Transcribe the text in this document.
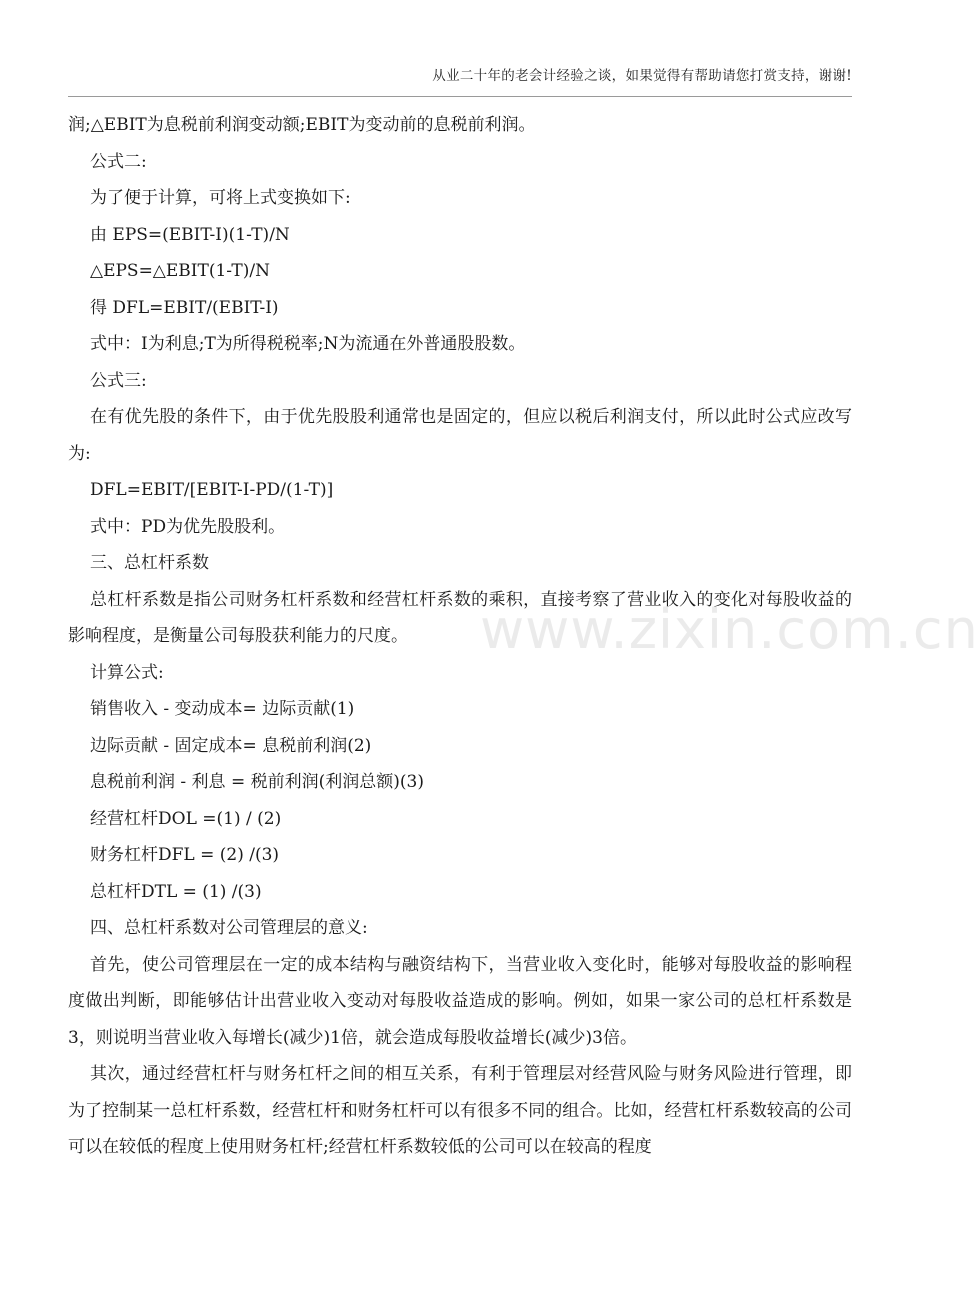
从业二十年的老会计经验之谈，如果觉得有帮助请您打赏支持，谢谢!
www.zixin.com.cn
润;△EBIT为息税前利润变动额;EBIT为变动前的息税前利润。
公式二:
为了便于计算，可将上式变换如下:
由 EPS=(EBIT-I)(1-T)/N
△EPS=△EBIT(1-T)/N
得 DFL=EBIT/(EBIT-I)
式中：I为利息;T为所得税税率;N为流通在外普通股股数。
公式三:

在有优先股的条件下，由于优先股股利通常也是固定的，但应以税后利润支付，所以此时公式应改写为:

DFL=EBIT/[EBIT-I-PD/(1-T)]
式中：PD为优先股股利。
三、总杠杆系数

总杠杆系数是指公司财务杠杆系数和经营杠杆系数的乘积，直接考察了营业收入的变化对每股收益的影响程度，是衡量公司每股获利能力的尺度。

计算公式:
销售收入 - 变动成本= 边际贡献(1)
边际贡献 - 固定成本= 息税前利润(2)
息税前利润 - 利息 = 税前利润(利润总额)(3)
经营杠杆DOL =(1) / (2)
财务杠杆DFL = (2) /(3)
总杠杆DTL = (1) /(3)
四、总杠杆系数对公司管理层的意义:

首先，使公司管理层在一定的成本结构与融资结构下，当营业收入变化时，能够对每股收益的影响程度做出判断，即能够估计出营业收入变动对每股收益造成的影响。例如，如果一家公司的总杠杆系数是3，则说明当营业收入每增长(减少)1倍，就会造成每股收益增长(减少)3倍。

其次，通过经营杠杆与财务杠杆之间的相互关系，有利于管理层对经营风险与财务风险进行管理，即为了控制某一总杠杆系数，经营杠杆和财务杠杆可以有很多不同的组合。比如，经营杠杆系数较高的公司可以在较低的程度上使用财务杠杆;经营杠杆系数较低的公司可以在较高的程度
